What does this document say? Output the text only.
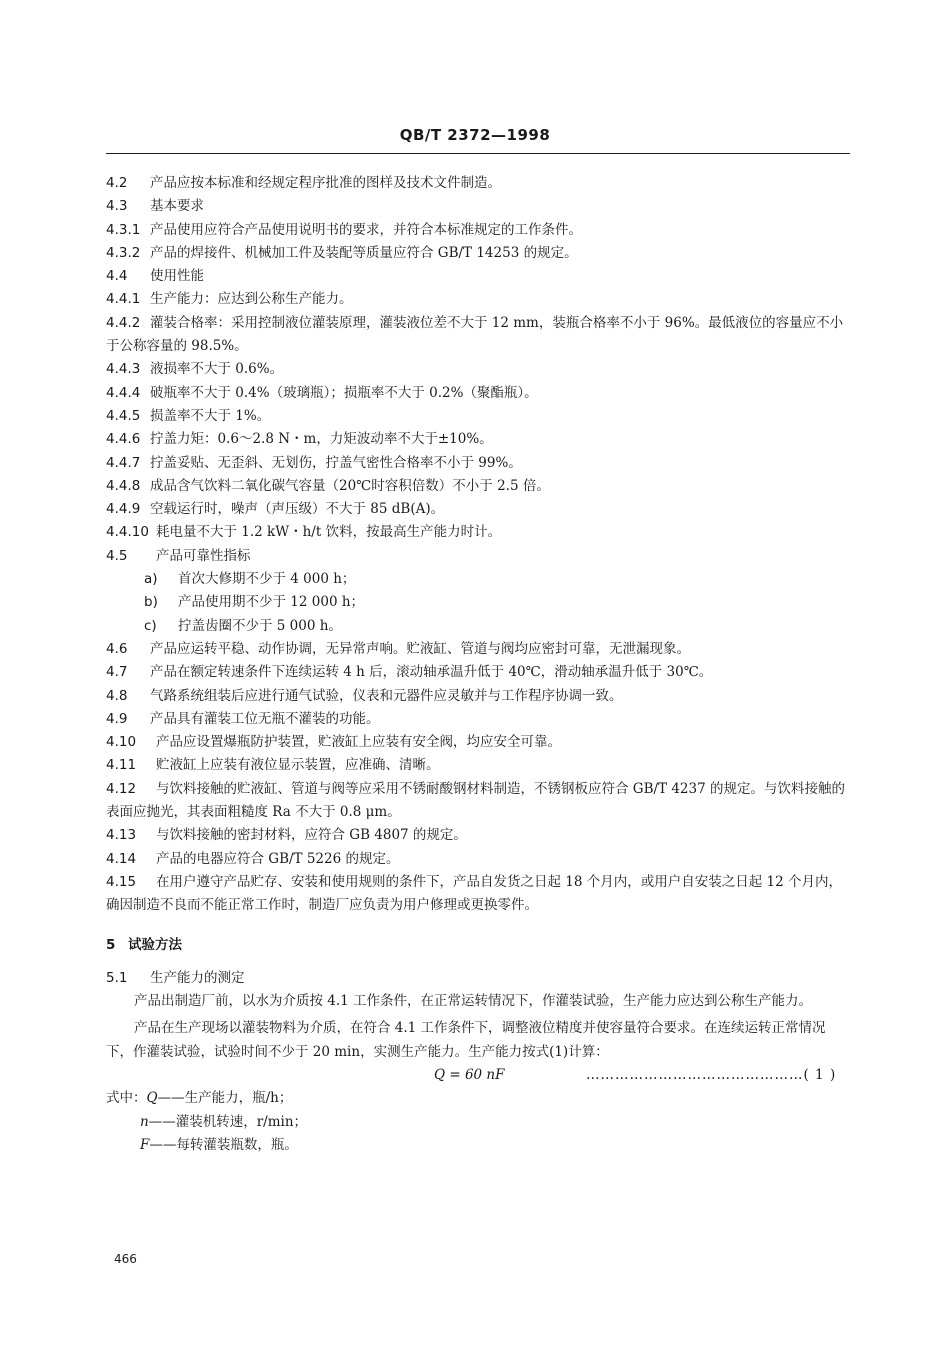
QB/T 2372—1998
4.2 产品应按本标准和经规定程序批准的图样及技术文件制造。
4.3 基本要求
4.3.1 产品使用应符合产品使用说明书的要求，并符合本标准规定的工作条件。
4.3.2 产品的焊接件、机械加工件及装配等质量应符合 GB/T 14253 的规定。
4.4 使用性能
4.4.1 生产能力：应达到公称生产能力。
4.4.2 灌装合格率：采用控制液位灌装原理，灌装液位差不大于 12 mm，装瓶合格率不小于 96%。最低液位的容量应不小于公称容量的 98.5%。
4.4.3 液损率不大于 0.6%。
4.4.4 破瓶率不大于 0.4%（玻璃瓶）；损瓶率不大于 0.2%（聚酯瓶）。
4.4.5 损盖率不大于 1%。
4.4.6 拧盖力矩：0.6～2.8 N・m，力矩波动率不大于±10%。
4.4.7 拧盖妥贴、无歪斜、无划伤，拧盖气密性合格率不小于 99%。
4.4.8 成品含气饮料二氧化碳气容量（20℃时容积倍数）不小于 2.5 倍。
4.4.9 空载运行时，噪声（声压级）不大于 85 dB(A)。
4.4.10 耗电量不大于 1.2 kW・h/t 饮料，按最高生产能力时计。
4.5 产品可靠性指标
a) 首次大修期不少于 4 000 h；
b) 产品使用期不少于 12 000 h；
c) 拧盖齿圈不少于 5 000 h。
4.6 产品应运转平稳、动作协调，无异常声响。贮液缸、管道与阀均应密封可靠，无泄漏现象。
4.7 产品在额定转速条件下连续运转 4 h 后，滚动轴承温升低于 40℃，滑动轴承温升低于 30℃。
4.8 气路系统组装后应进行通气试验，仪表和元器件应灵敏并与工作程序协调一致。
4.9 产品具有灌装工位无瓶不灌装的功能。
4.10 产品应设置爆瓶防护装置，贮液缸上应装有安全阀，均应安全可靠。
4.11 贮液缸上应装有液位显示装置，应准确、清晰。
4.12 与饮料接触的贮液缸、管道与阀等应采用不锈耐酸钢材料制造，不锈钢板应符合 GB/T 4237 的规定。与饮料接触的表面应抛光，其表面粗糙度 Ra 不大于 0.8 μm。
4.13 与饮料接触的密封材料，应符合 GB 4807 的规定。
4.14 产品的电器应符合 GB/T 5226 的规定。
4.15 在用户遵守产品贮存、安装和使用规则的条件下，产品自发货之日起 18 个月内，或用户自安装之日起 12 个月内，确因制造不良而不能正常工作时，制造厂应负责为用户修理或更换零件。
5 试验方法
5.1 生产能力的测定
产品出制造厂前，以水为介质按 4.1 工作条件，在正常运转情况下，作灌装试验，生产能力应达到公称生产能力。
产品在生产现场以灌装物料为介质，在符合 4.1 工作条件下，调整液位精度并使容量符合要求。在连续运转正常情况下，作灌装试验，试验时间不少于 20 min，实测生产能力。生产能力按式(1)计算：
Q = 60 nF	………………………………………( 1 )
式中：Q——生产能力，瓶/h；
n——灌装机转速，r/min；
F——每转灌装瓶数，瓶。
466
